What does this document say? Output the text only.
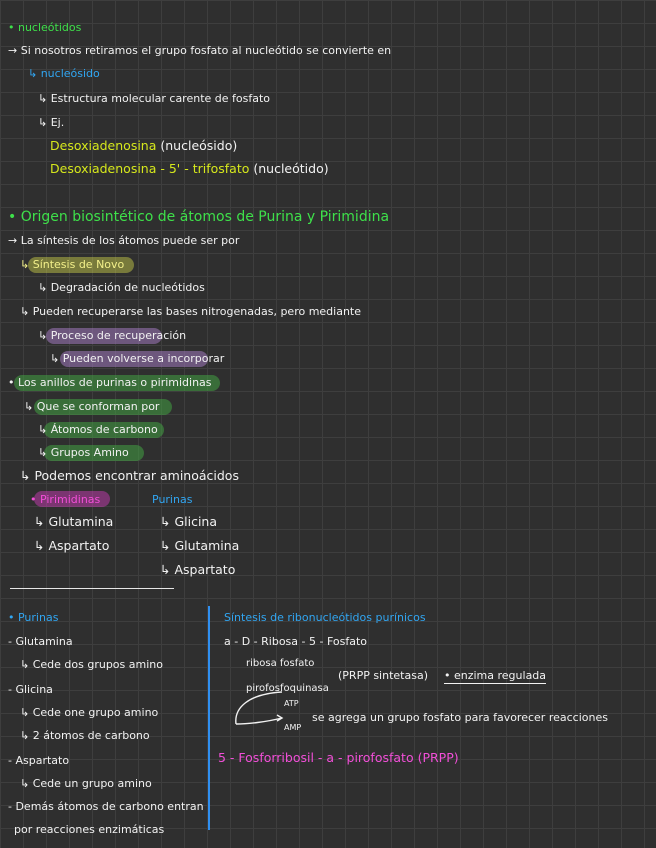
• nucleótidos
→ Si nosotros retiramos el grupo fosfato al nucleótido se convierte en
↳ nucleósido
↳ Estructura molecular carente de fosfato
↳ Ej.
Desoxiadenosina (nucleósido)
Desoxiadenosina - 5' - trifosfato (nucleótido)
• Origen biosintético de átomos de Purina y Pirimidina
→ La síntesis de los átomos puede ser por
↳ Síntesis de Novo
↳ Degradación de nucleótidos
↳ Pueden recuperarse las bases nitrogenadas, pero mediante
↳ Proceso de recuperación
↳ Pueden volverse a incorporar
• Los anillos de purinas o pirimidinas
↳ Que se conforman por
↳ Átomos de carbono
↳ Grupos Amino
↳ Podemos encontrar aminoácidos
• Pirimidinas
↳ Glutamina
↳ Aspartato
Purinas
↳ Glicina
↳ Glutamina
↳ Aspartato
• Purinas
- Glutamina
↳ Cede dos grupos amino
- Glicina
↳ Cede one grupo amino
↳ 2 átomos de carbono
- Aspartato
↳ Cede un grupo amino
- Demás átomos de carbono entran
por reacciones enzimáticas
Síntesis de ribonucleótidos purínicos
a - D - Ribosa - 5 - Fosfato
ribosa fosfato
pirofosfoquinasa
(PRPP sintetasa) • enzima regulada
ATP
AMP
se agrega un grupo fosfato para favorecer reacciones
5 - Fosforribosil - a - pirofosfato (PRPP)
